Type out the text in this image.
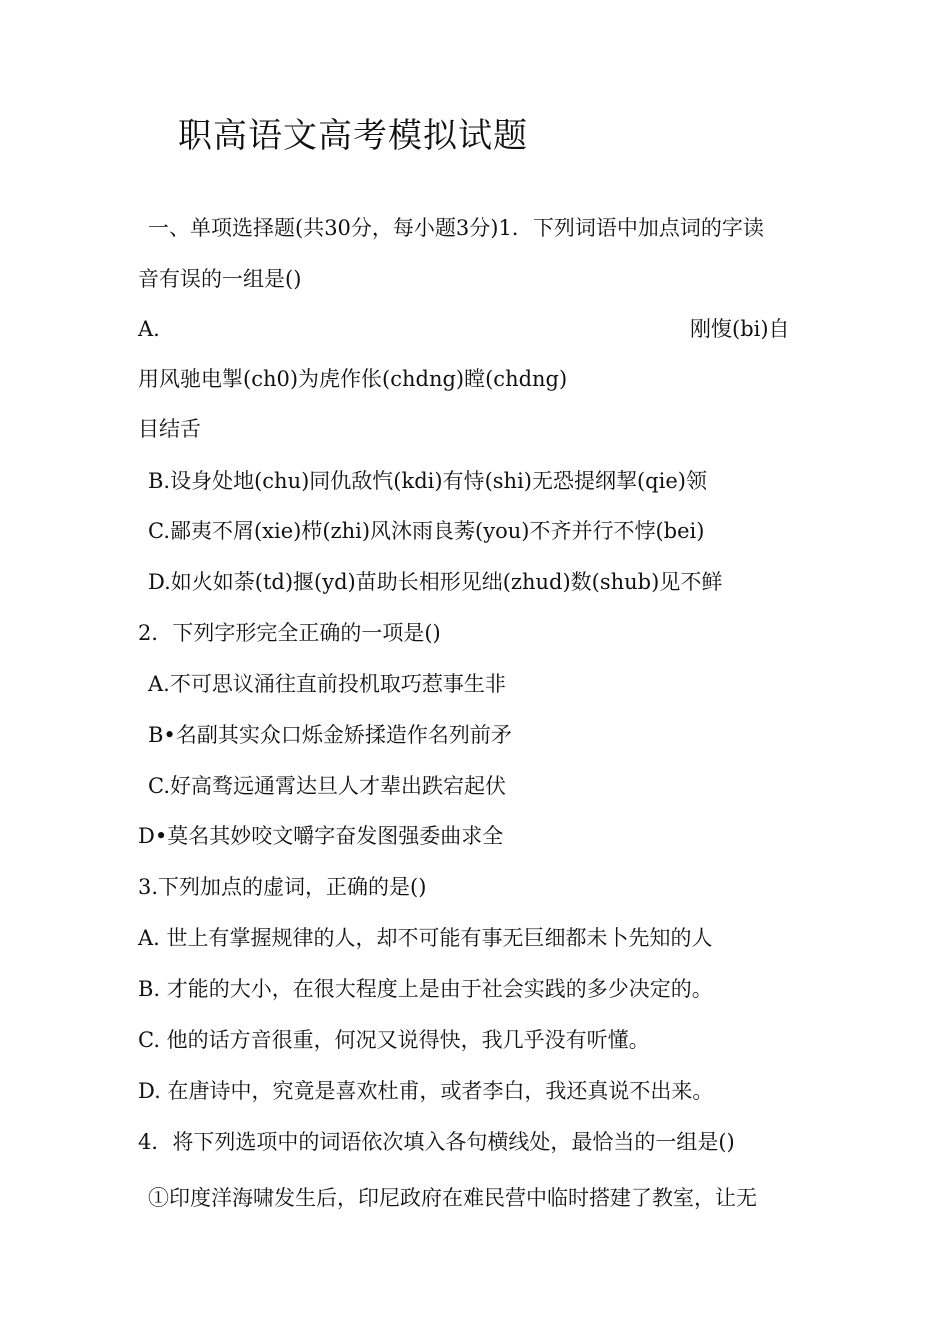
职高语文高考模拟试题
一、单项选择题(共30分，每小题3分)1．下列词语中加点词的字读
音有误的一组是()
A.	刚愎(bi)自
用风驰电掣(ch0)为虎作伥(chdng)瞠(chdng)
目结舌
B.设身处地(chu)同仇敌忾(kdi)有恃(shi)无恐提纲挈(qie)领
C.鄙夷不屑(xie)栉(zhi)风沐雨良莠(you)不齐并行不悖(bei)
D.如火如荼(td)揠(yd)苗助长相形见绌(zhud)数(shub)见不鲜
2．下列字形完全正确的一项是()
A.不可思议涌往直前投机取巧惹事生非
B•名副其实众口烁金矫揉造作名列前矛
C.好高骛远通霄达旦人才辈出跌宕起伏
D•莫名其妙咬文嚼字奋发图强委曲求全
3.下列加点的虚词，正确的是()
A. 世上有掌握规律的人，却不可能有事无巨细都未卜先知的人
B. 才能的大小，在很大程度上是由于社会实践的多少决定的。
C. 他的话方音很重，何况又说得快，我几乎没有听懂。
D. 在唐诗中，究竟是喜欢杜甫，或者李白，我还真说不出来。
4．将下列选项中的词语依次填入各句横线处，最恰当的一组是()
①印度洋海啸发生后，印尼政府在难民营中临时搭建了教室，让无
